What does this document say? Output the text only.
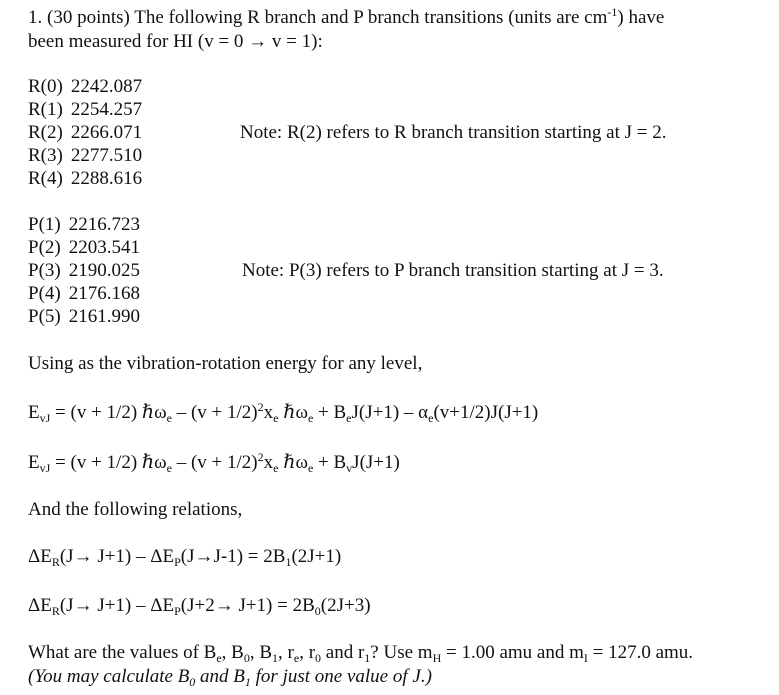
1. (30 points) The following R branch and P branch transitions (units are $cm^{-1}$) have
been measured for HI (v = 0 → v = 1):
R(0) 2242.087
R(1) 2254.257
R(2) 2266.071
R(3) 2277.510
R(4) 2288.616
Note: R(2) refers to R branch transition starting at J = 2.
P(1) 2216.723
P(2) 2203.541
P(3) 2190.025
P(4) 2176.168
P(5) 2161.990
Note: P(3) refers to P branch transition starting at J = 3.
Using as the vibration-rotation energy for any level,
$E_{vJ} = (v + 1/2)$ ℏω$_e$ – $(v + 1/2)^2x_e$ ℏω$_e$ + $B_eJ(J+1) - \alpha_e(v+1/2)J(J+1)$
$E_{vJ} = (v + 1/2)$ ℏω$_e$ – $(v + 1/2)^2x_e$ ℏω$_e$ + $B_vJ(J+1)$
And the following relations,
$\Delta E_R(J\to J+1) - \Delta E_P(J\to J-1) = 2B_1(2J+1)$
$\Delta E_R(J\to J+1) - \Delta E_P(J+2\to J+1) = 2B_0(2J+3)$
What are the values of $B_e$, $B_0$, $B_1$, $r_e$, $r_0$ and $r_1$? Use $m_H = 1.00$ amu and $m_I = 127.0$ amu.
(You may calculate $B_0$ and $B_1$ for just one value of J.)
